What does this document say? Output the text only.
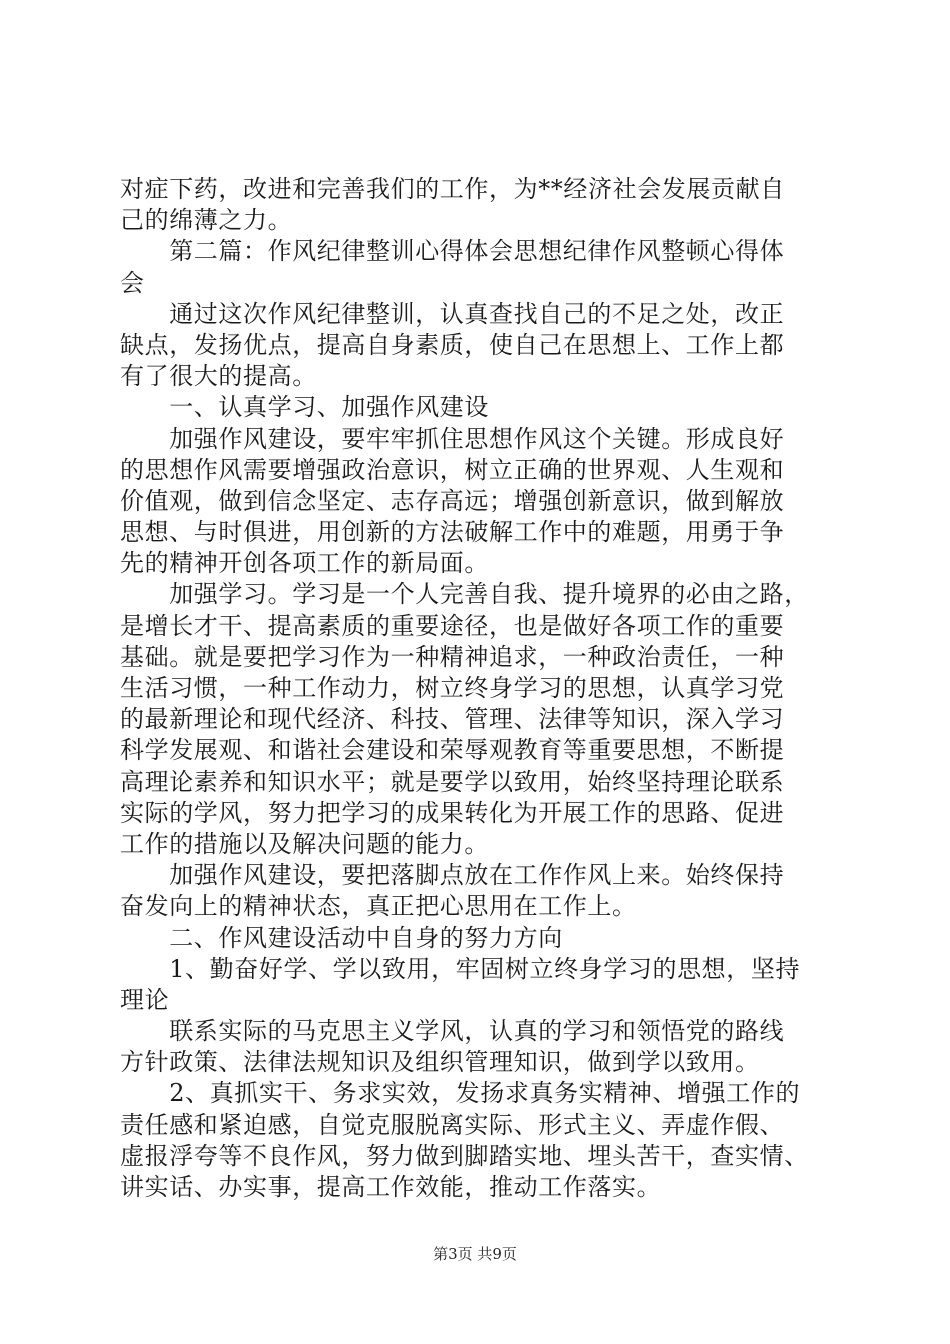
对症下药，改进和完善我们的工作，为**经济社会发展贡献自
己的绵薄之力。
　　第二篇：作风纪律整训心得体会思想纪律作风整顿心得体
会
　　通过这次作风纪律整训，认真查找自己的不足之处，改正
缺点，发扬优点，提高自身素质，使自己在思想上、工作上都
有了很大的提高。
　　一、认真学习、加强作风建设
　　加强作风建设，要牢牢抓住思想作风这个关键。形成良好
的思想作风需要增强政治意识，树立正确的世界观、人生观和
价值观，做到信念坚定、志存高远；增强创新意识，做到解放
思想、与时俱进，用创新的方法破解工作中的难题，用勇于争
先的精神开创各项工作的新局面。
　　加强学习。学习是一个人完善自我、提升境界的必由之路，
是增长才干、提高素质的重要途径，也是做好各项工作的重要
基础。就是要把学习作为一种精神追求，一种政治责任，一种
生活习惯，一种工作动力，树立终身学习的思想，认真学习党
的最新理论和现代经济、科技、管理、法律等知识，深入学习
科学发展观、和谐社会建设和荣辱观教育等重要思想，不断提
高理论素养和知识水平；就是要学以致用，始终坚持理论联系
实际的学风，努力把学习的成果转化为开展工作的思路、促进
工作的措施以及解决问题的能力。
　　加强作风建设，要把落脚点放在工作作风上来。始终保持
奋发向上的精神状态，真正把心思用在工作上。
　　二、作风建设活动中自身的努力方向
　　1、勤奋好学、学以致用，牢固树立终身学习的思想，坚持
理论
　　联系实际的马克思主义学风，认真的学习和领悟党的路线
方针政策、法律法规知识及组织管理知识，做到学以致用。
　　2、真抓实干、务求实效，发扬求真务实精神、增强工作的
责任感和紧迫感，自觉克服脱离实际、形式主义、弄虚作假、
虚报浮夸等不良作风，努力做到脚踏实地、埋头苦干，查实情、
讲实话、办实事，提高工作效能，推动工作落实。
第3页 共9页
